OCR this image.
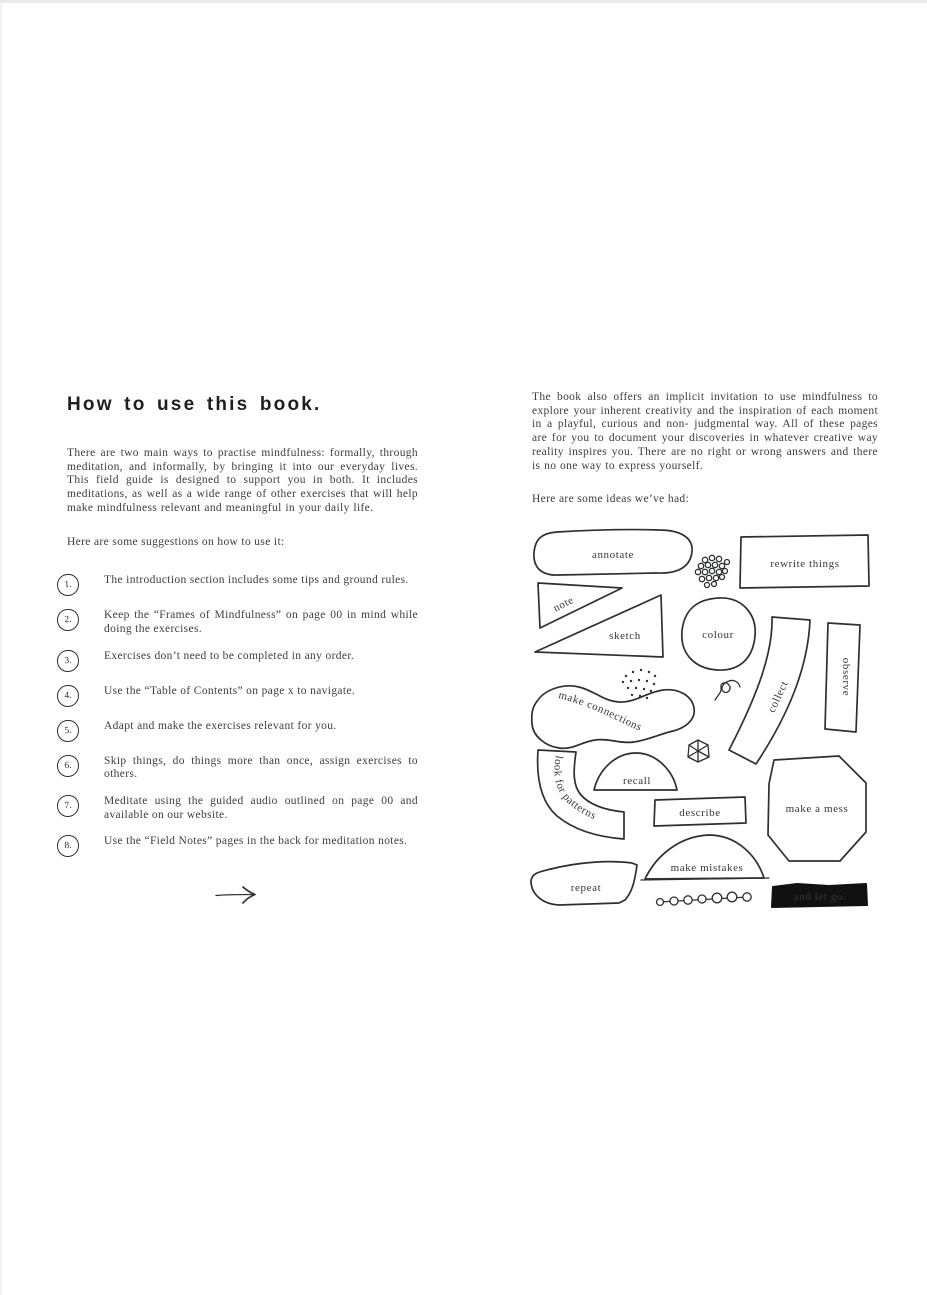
How to use this book.

There are two main ways to practise mindfulness: formally, through meditation, and informally, by bringing it into our everyday lives. This field guide is designed to support you in both. It includes meditations, as well as a wide range of other exercises that will help make mindfulness relevant and meaningful in your daily life.

Here are some suggestions on how to use it:

1.	The introduction section includes some tips and ground rules.
2.	Keep the “Frames of Mindfulness” on page 00 in mind while doing the exercises.
3.	Exercises don’t need to be completed in any order.
4.	Use the “Table of Contents” on page x to navigate.
5.	Adapt and make the exercises relevant for you.
6.	Skip things, do things more than once, assign exercises to others.
7.	Meditate using the guided audio outlined on page 00 and available on our website.
8.	Use the “Field Notes” pages in the back for meditation notes.

The book also offers an implicit invitation to use mindfulness to explore your inherent creativity and the inspiration of each moment in a playful, curious and non- judgmental way. All of these pages are for you to document your discoveries in whatever creative way reality inspires you. There are no right or wrong answers and there is no one way to express yourself.

Here are some ideas we’ve had:

annotate
rewrite things
note
sketch	colour
collect
observe
make connections
recall
look for patterns	describe	make a mess
make mistakes
repeat
and let go.
